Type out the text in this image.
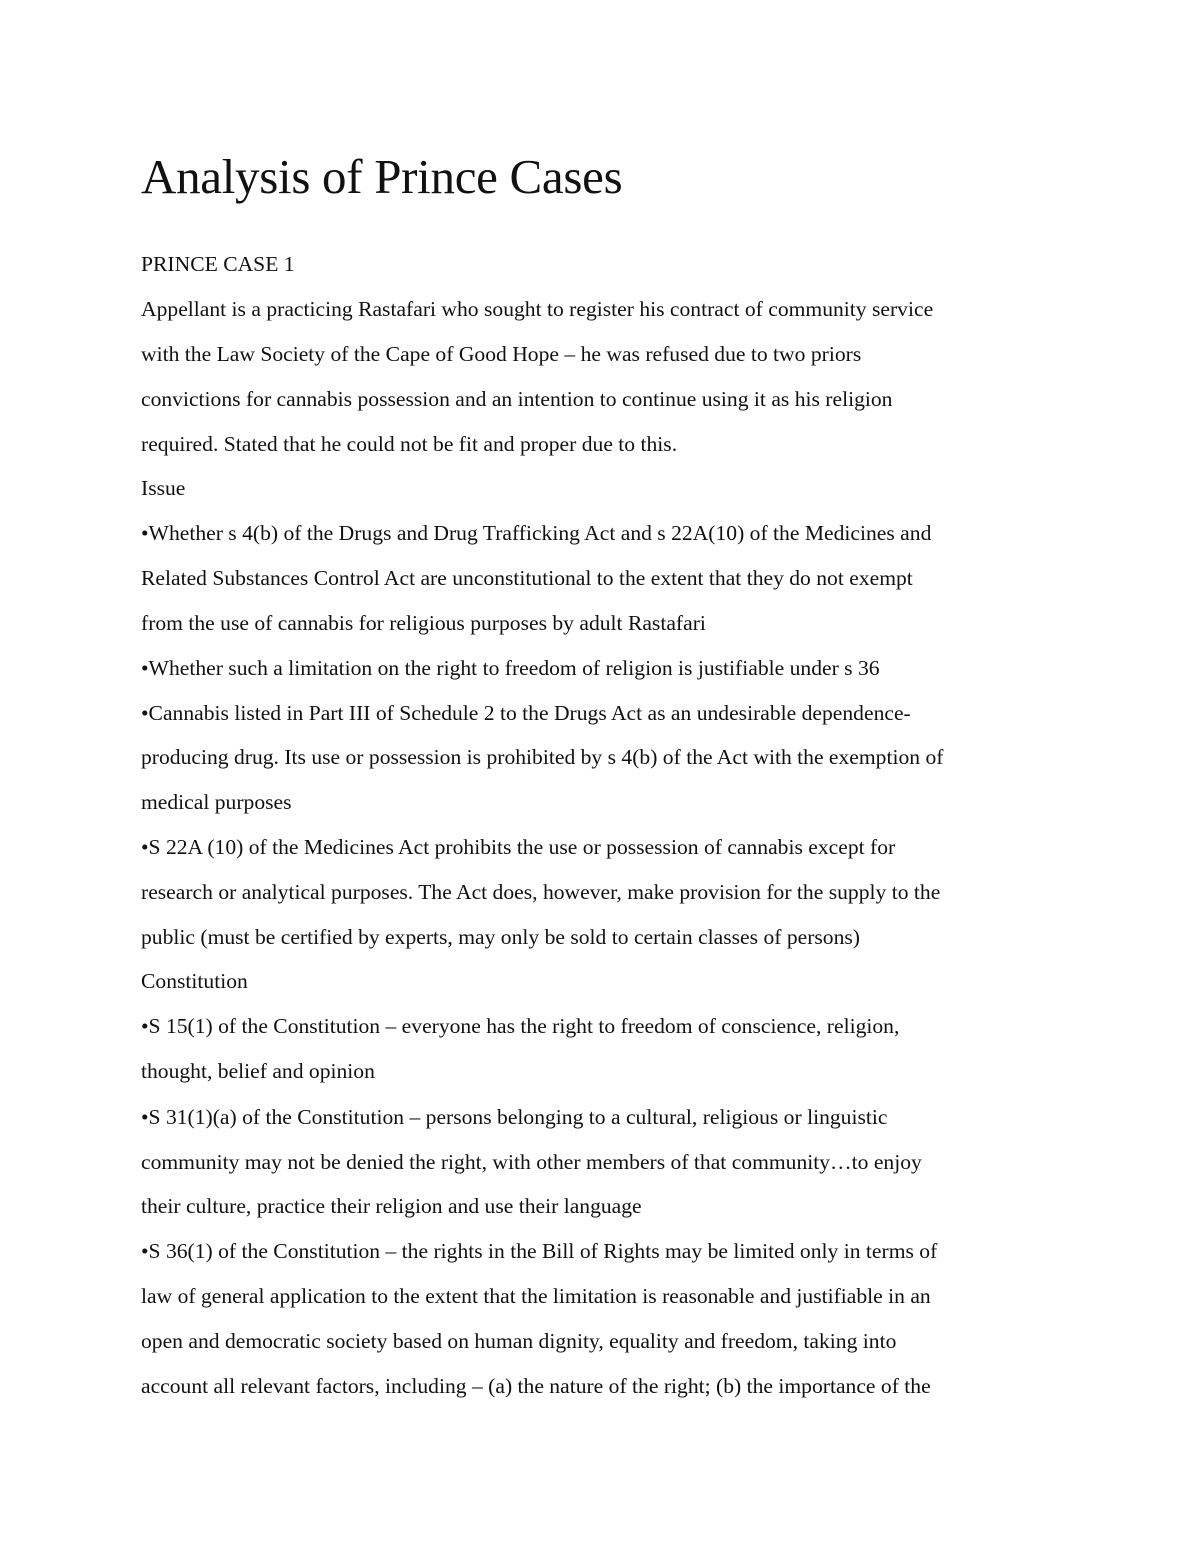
Analysis of Prince Cases

PRINCE CASE 1

Appellant is a practicing Rastafari who sought to register his contract of community service

with the Law Society of the Cape of Good Hope – he was refused due to two priors

convictions for cannabis possession and an intention to continue using it as his religion

required. Stated that he could not be fit and proper due to this.

Issue

•Whether s 4(b) of the Drugs and Drug Trafficking Act and s 22A(10) of the Medicines and

Related Substances Control Act are unconstitutional to the extent that they do not exempt

from the use of cannabis for religious purposes by adult Rastafari

•Whether such a limitation on the right to freedom of religion is justifiable under s 36

•Cannabis listed in Part III of Schedule 2 to the Drugs Act as an undesirable dependence-

producing drug. Its use or possession is prohibited by s 4(b) of the Act with the exemption of

medical purposes

•S 22A (10) of the Medicines Act prohibits the use or possession of cannabis except for

research or analytical purposes. The Act does, however, make provision for the supply to the

public (must be certified by experts, may only be sold to certain classes of persons)

Constitution

•S 15(1) of the Constitution – everyone has the right to freedom of conscience, religion,

thought, belief and opinion

•S 31(1)(a) of the Constitution – persons belonging to a cultural, religious or linguistic

community may not be denied the right, with other members of that community…to enjoy

their culture, practice their religion and use their language

•S 36(1) of the Constitution – the rights in the Bill of Rights may be limited only in terms of

law of general application to the extent that the limitation is reasonable and justifiable in an

open and democratic society based on human dignity, equality and freedom, taking into

account all relevant factors, including – (a) the nature of the right; (b) the importance of the
